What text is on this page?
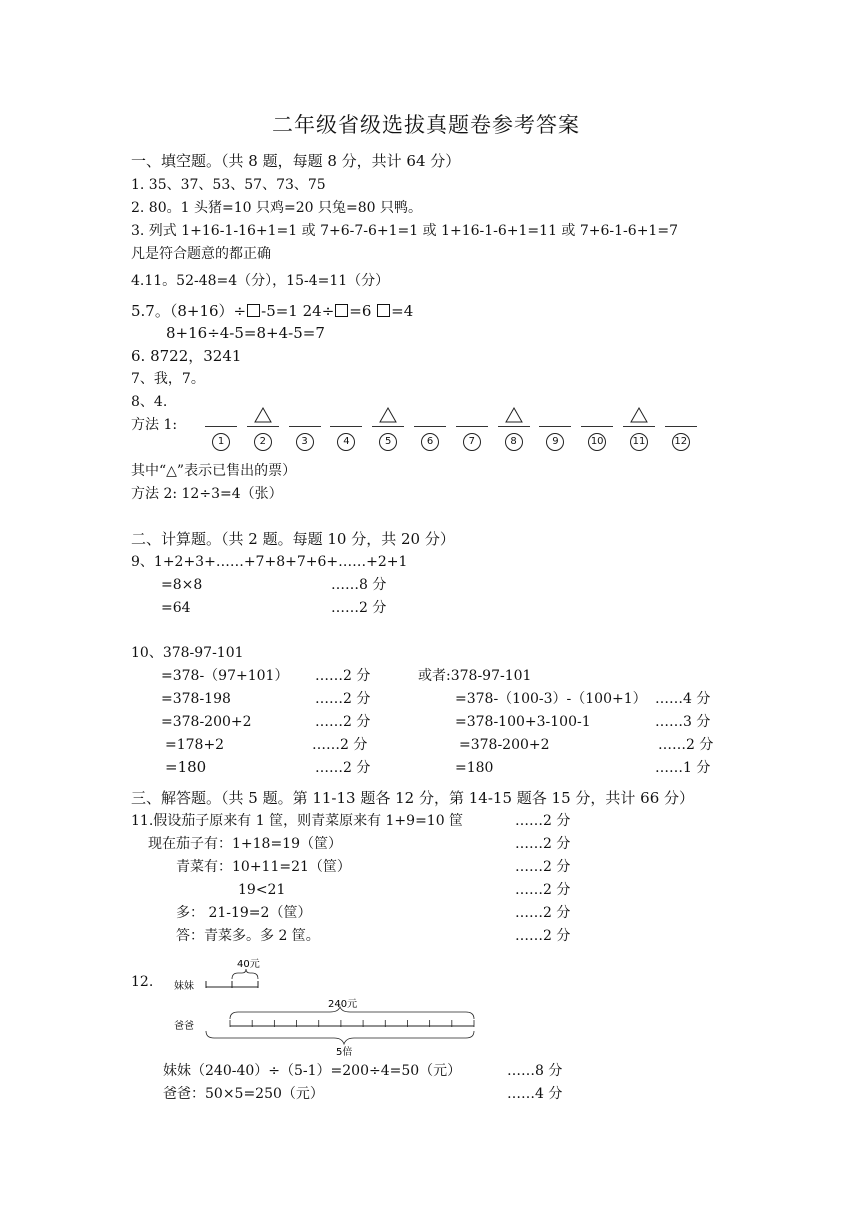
二年级省级选拔真题卷参考答案
一、填空题。（共 8 题，每题 8 分，共计 64 分）
1. 35、37、53、57、73、75
2. 80。1 头猪=10 只鸡=20 只兔=80 只鸭。
3. 列式 1+16-1-16+1=1 或 7+6-7-6+1=1 或 1+16-1-6+1=11 或 7+6-1-6+1=7
凡是符合题意的都正确
4.11。52-48=4（分），15-4=11（分）
5.7。（8+16）÷ -5=1 24÷ =6 =4
8+16÷4-5=8+4-5=7
6. 8722，3241
7、我，7。
8、4.
方法 1:
1	2	3	4	5	6	7	8	9	10	11	12
其中“△”表示已售出的票）
方法 2: 12÷3=4（张）
二、计算题。（共 2 题。每题 10 分，共 20 分）
9、1+2+3+……+7+8+7+6+……+2+1
=8×8	……8 分
=64	……2 分
10、378-97-101
=378-（97+101） ……2 分
=378-198	……2 分
=378-200+2	……2 分
=178+2	……2 分
=180	……2 分
或者:378-97-101
=378-（100-3）-（100+1） ……4 分
=378-100+3-100-1	……3 分
=378-200+2	……2 分
=180	……1 分
三、解答题。（共 5 题。第 11-13 题各 12 分，第 14-15 题各 15 分，共计 66 分）
11.假设茄子原来有 1 筐，则青菜原来有 1+9=10 筐	……2 分
现在茄子有：1+18=19（筐）	……2 分
青菜有：10+11=21（筐）	……2 分
19<21	……2 分
多： 21-19=2（筐）	……2 分
答：青菜多。多 2 筐。	……2 分
12.
40元
妹妹
240元
爸爸
5倍
妹妹（240-40）÷（5-1）=200÷4=50（元）	……8 分
爸爸：50×5=250（元）	……4 分
